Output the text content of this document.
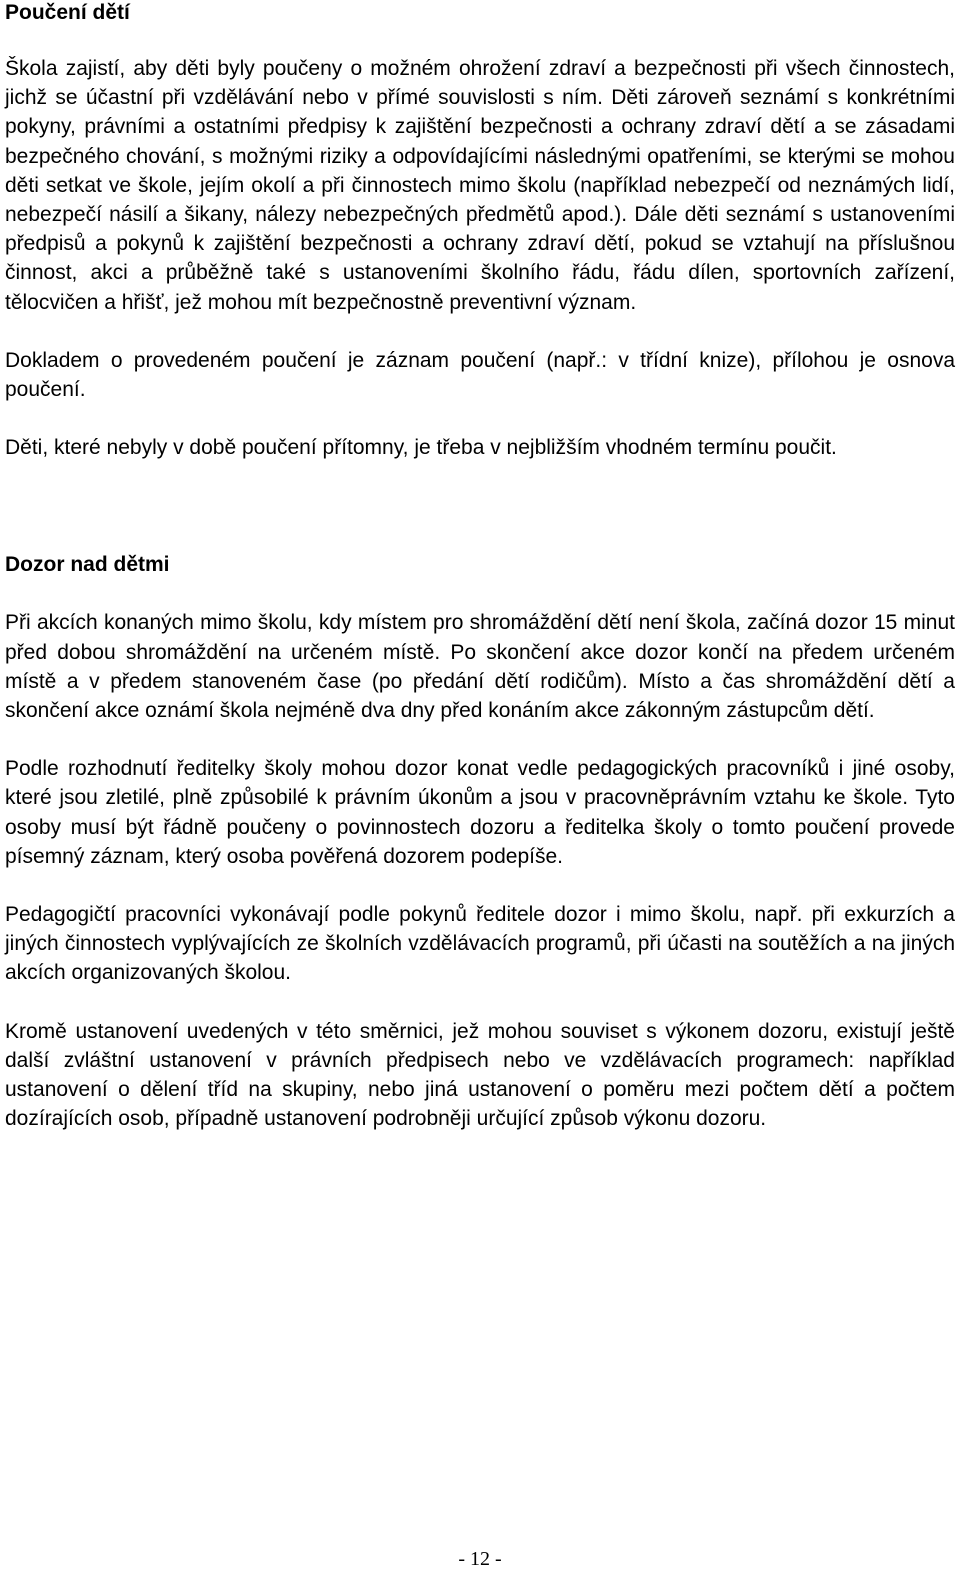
Poučení dětí

Škola zajistí, aby děti byly poučeny o možném ohrožení zdraví a bezpečnosti při všech činnostech, jichž se účastní při vzdělávání nebo v přímé souvislosti s ním. Děti zároveň seznámí s konkrétními pokyny, právními a ostatními předpisy k zajištění bezpečnosti a ochrany zdraví dětí a se zásadami bezpečného chování, s možnými riziky a odpovídajícími následnými opatřeními, se kterými se mohou děti setkat ve škole, jejím okolí a při činnostech mimo školu (například nebezpečí od neznámých lidí, nebezpečí násilí a šikany, nálezy nebezpečných předmětů apod.). Dále děti seznámí s ustanoveními předpisů a pokynů k zajištění bezpečnosti a ochrany zdraví dětí, pokud se vztahují na příslušnou činnost, akci a průběžně také s ustanoveními školního řádu, řádu dílen, sportovních zařízení, tělocvičen a hřišť, jež mohou mít bezpečnostně preventivní význam.

Dokladem o provedeném poučení je záznam poučení (např.: v třídní knize), přílohou je osnova poučení.

Děti, které nebyly v době poučení přítomny, je třeba v nejbližším vhodném termínu poučit.

Dozor nad dětmi

Při akcích konaných mimo školu, kdy místem pro shromáždění dětí není škola, začíná dozor 15 minut před dobou shromáždění na určeném místě. Po skončení akce dozor končí na předem určeném místě a v předem stanoveném čase (po předání dětí rodičům). Místo a čas shromáždění dětí a skončení akce oznámí škola nejméně dva dny před konáním akce zákonným zástupcům dětí.

Podle rozhodnutí ředitelky školy mohou dozor konat vedle pedagogických pracovníků i jiné osoby, které jsou zletilé, plně způsobilé k právním úkonům a jsou v pracovněprávním vztahu ke škole. Tyto osoby musí být řádně poučeny o povinnostech dozoru a ředitelka školy o tomto poučení provede písemný záznam, který osoba pověřená dozorem podepíše.

Pedagogičtí pracovníci vykonávají podle pokynů ředitele dozor i mimo školu, např. při exkurzích a jiných činnostech vyplývajících ze školních vzdělávacích programů, při účasti na soutěžích a na jiných akcích organizovaných školou.

Kromě ustanovení uvedených v této směrnici, jež mohou souviset s výkonem dozoru, existují ještě další zvláštní ustanovení v právních předpisech nebo ve vzdělávacích programech: například ustanovení o dělení tříd na skupiny, nebo jiná ustanovení o poměru mezi počtem dětí a počtem dozírajících osob, případně ustanovení podrobněji určující způsob výkonu dozoru.

- 12 -
